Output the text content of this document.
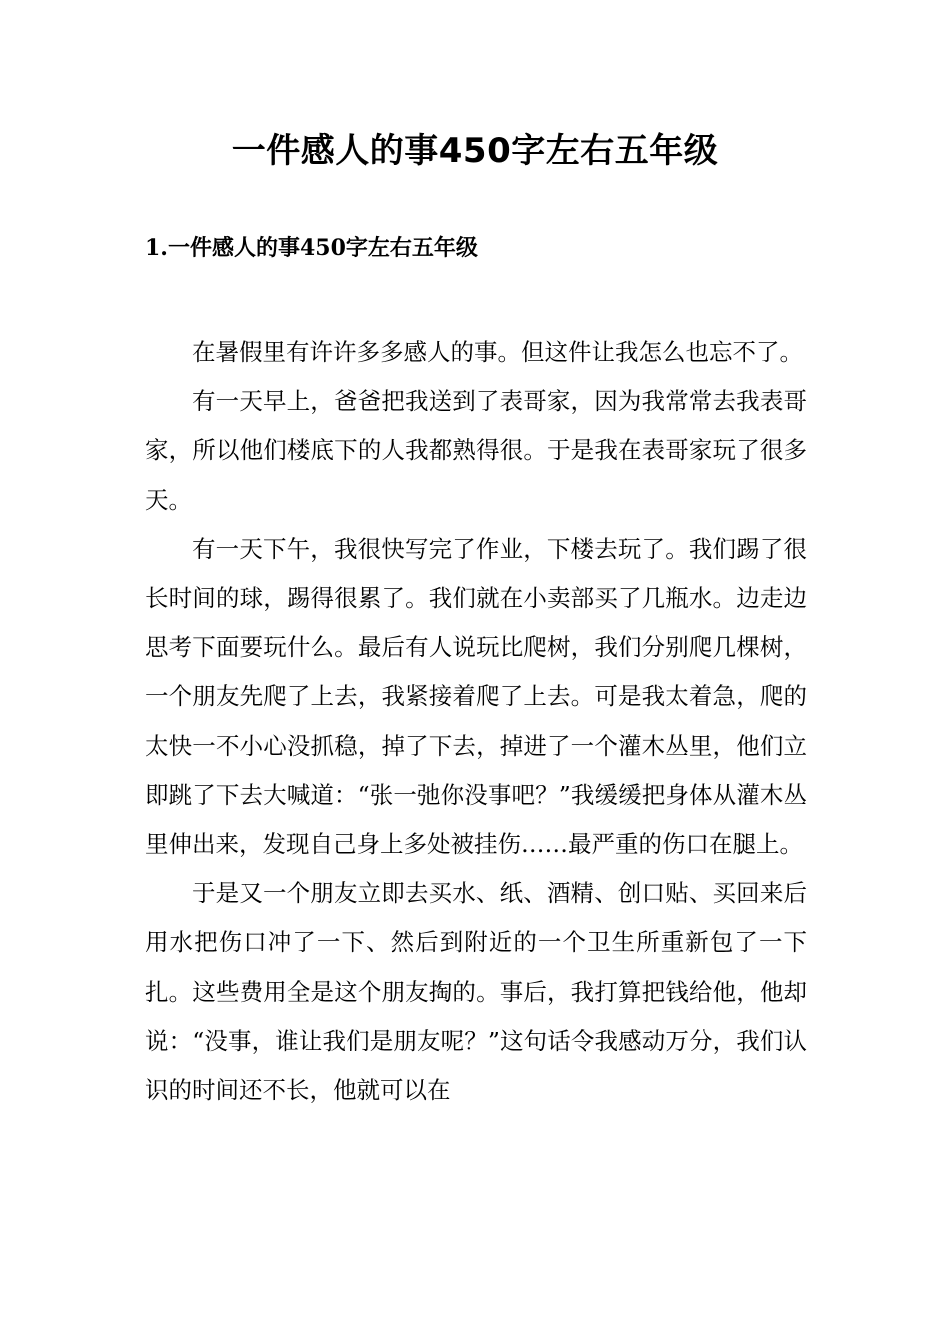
一件感人的事450字左右五年级
1.一件感人的事450字左右五年级

在暑假里有许许多多感人的事。但这件让我怎么也忘不了。

有一天早上，爸爸把我送到了表哥家，因为我常常去我表哥家，所以他们楼底下的人我都熟得很。于是我在表哥家玩了很多天。

有一天下午，我很快写完了作业，下楼去玩了。我们踢了很长时间的球，踢得很累了。我们就在小卖部买了几瓶水。边走边思考下面要玩什么。最后有人说玩比爬树，我们分别爬几棵树，一个朋友先爬了上去，我紧接着爬了上去。可是我太着急，爬的太快一不小心没抓稳，掉了下去，掉进了一个灌木丛里，他们立即跳了下去大喊道：“张一弛你没事吧？”我缓缓把身体从灌木丛里伸出来，发现自己身上多处被挂伤……最严重的伤口在腿上。

于是又一个朋友立即去买水、纸、酒精、创口贴、买回来后用水把伤口冲了一下、然后到附近的一个卫生所重新包了一下扎。这些费用全是这个朋友掏的。事后，我打算把钱给他，他却说：“没事，谁让我们是朋友呢？”这句话令我感动万分，我们认识的时间还不长，他就可以在
